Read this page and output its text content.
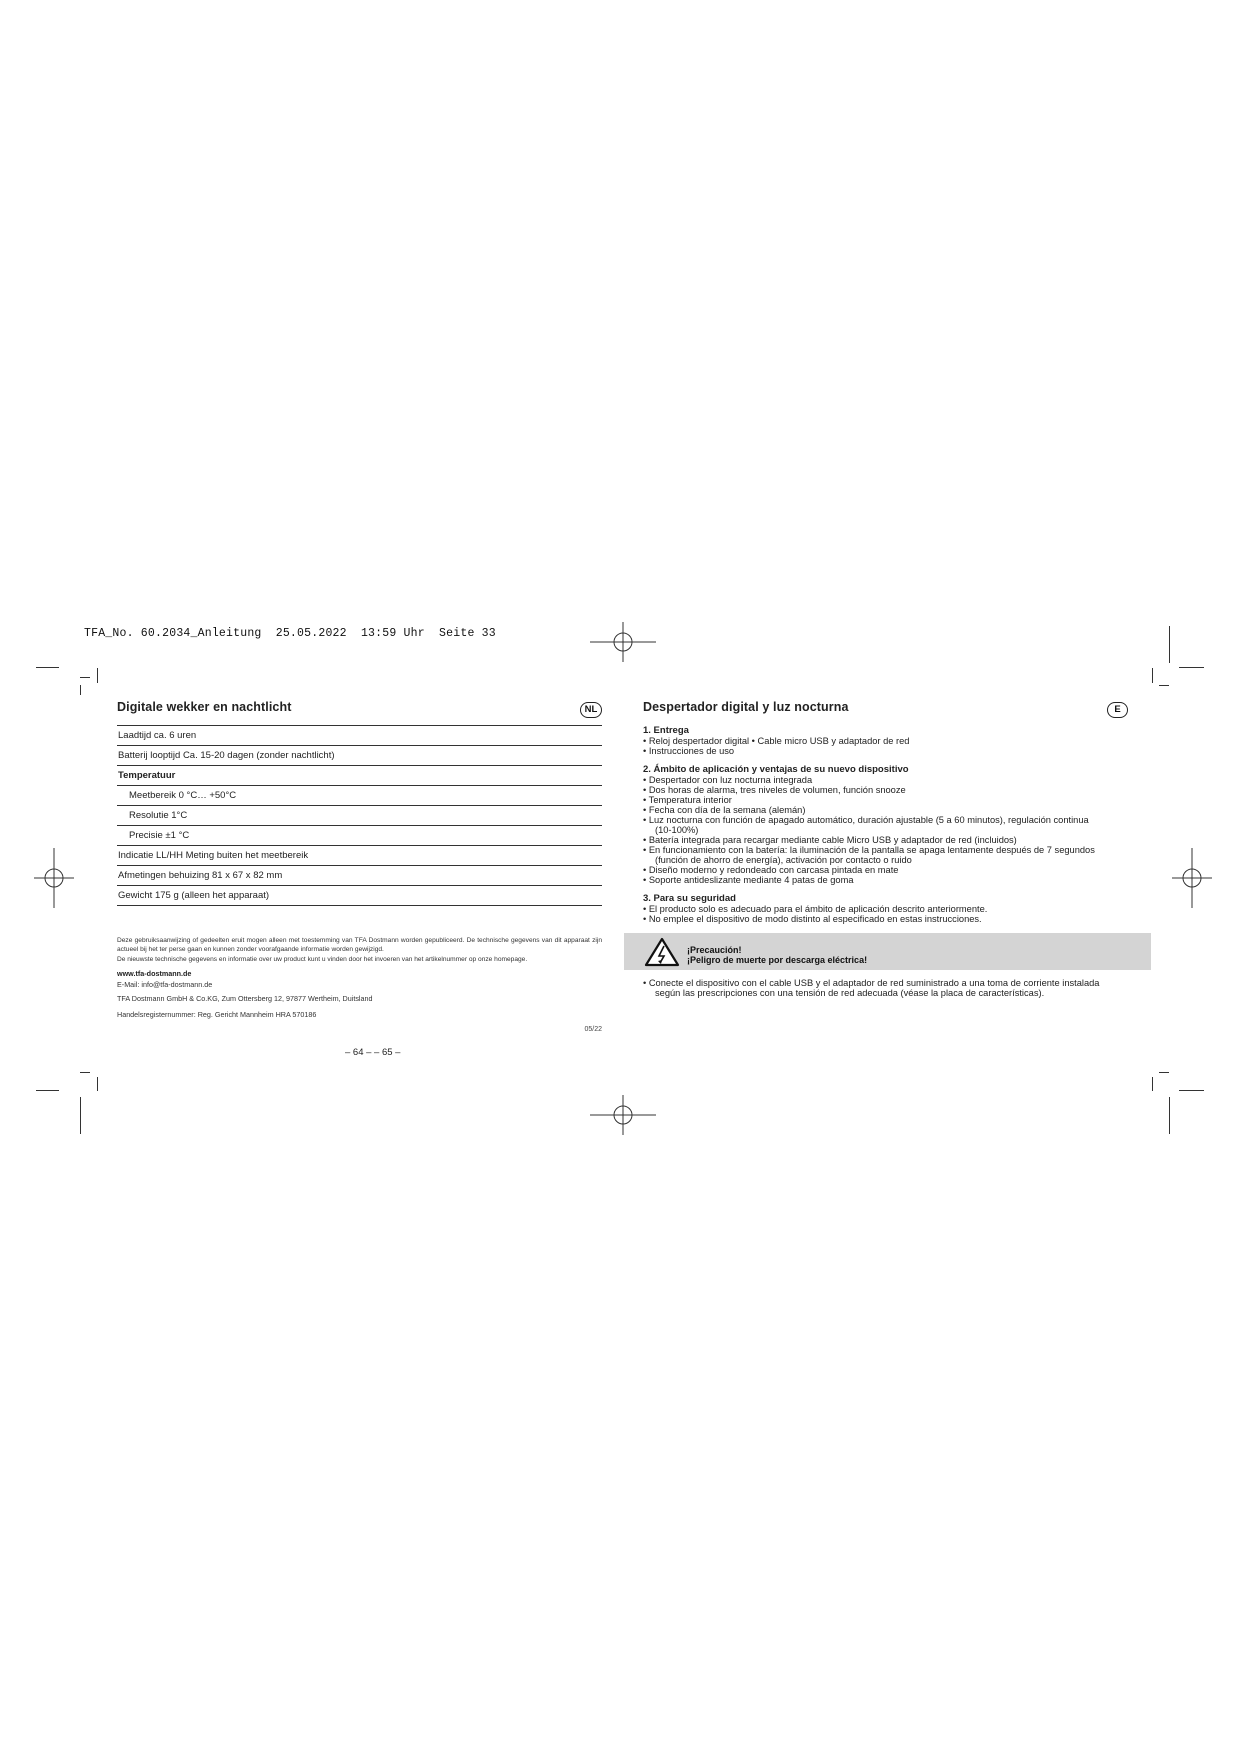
TFA_No. 60.2034_Anleitung  25.05.2022  13:59 Uhr  Seite 33
Digitale wekker en nachtlicht	NL
Laadtijd ca. 6 uren
Batterij looptijd Ca. 15-20 dagen (zonder nachtlicht)
Temperatuur
Meetbereik 0 °C… +50°C
Resolutie 1°C
Precisie ±1 °C
Indicatie LL/HH Meting buiten het meetbereik
Afmetingen behuizing 81 x 67 x 82 mm
Gewicht 175 g (alleen het apparaat)
Deze gebruiksaanwijzing of gedeelten eruit mogen alleen met toestemming van TFA Dostmann worden gepubliceerd. De technische gegevens van dit apparaat zijn actueel bij het ter perse gaan en kunnen zonder voorafgaande informatie worden gewijzigd.
De nieuwste technische gegevens en informatie over uw product kunt u vinden door het invoeren van het artikelnummer op onze homepage.
www.tfa-dostmann.de
E-Mail: info@tfa-dostmann.de
TFA Dostmann GmbH & Co.KG, Zum Ottersberg 12, 97877 Wertheim, Duitsland
Handelsregisternummer: Reg. Gericht Mannheim HRA 570186
05/22
– 64 – – 65 –
Despertador digital y luz nocturna	E
1. Entrega
• Reloj despertador digital • Cable micro USB y adaptador de red
• Instrucciones de uso
2. Ámbito de aplicación y ventajas de su nuevo dispositivo
• Despertador con luz nocturna integrada
• Dos horas de alarma, tres niveles de volumen, función snooze
• Temperatura interior
• Fecha con día de la semana (alemán)
• Luz nocturna con función de apagado automático, duración ajustable (5 a 60 minutos), regulación continua
(10-100%)
• Batería integrada para recargar mediante cable Micro USB y adaptador de red (incluidos)
• En funcionamiento con la batería: la iluminación de la pantalla se apaga lentamente después de 7 segundos
(función de ahorro de energía), activación por contacto o ruido
• Diseño moderno y redondeado con carcasa pintada en mate
• Soporte antideslizante mediante 4 patas de goma
3. Para su seguridad
• El producto solo es adecuado para el ámbito de aplicación descrito anteriormente.
• No emplee el dispositivo de modo distinto al especificado en estas instrucciones.
¡Precaución!
¡Peligro de muerte por descarga eléctrica!
• Conecte el dispositivo con el cable USB y el adaptador de red suministrado a una toma de corriente instalada
según las prescripciones con una tensión de red adecuada (véase la placa de características).
